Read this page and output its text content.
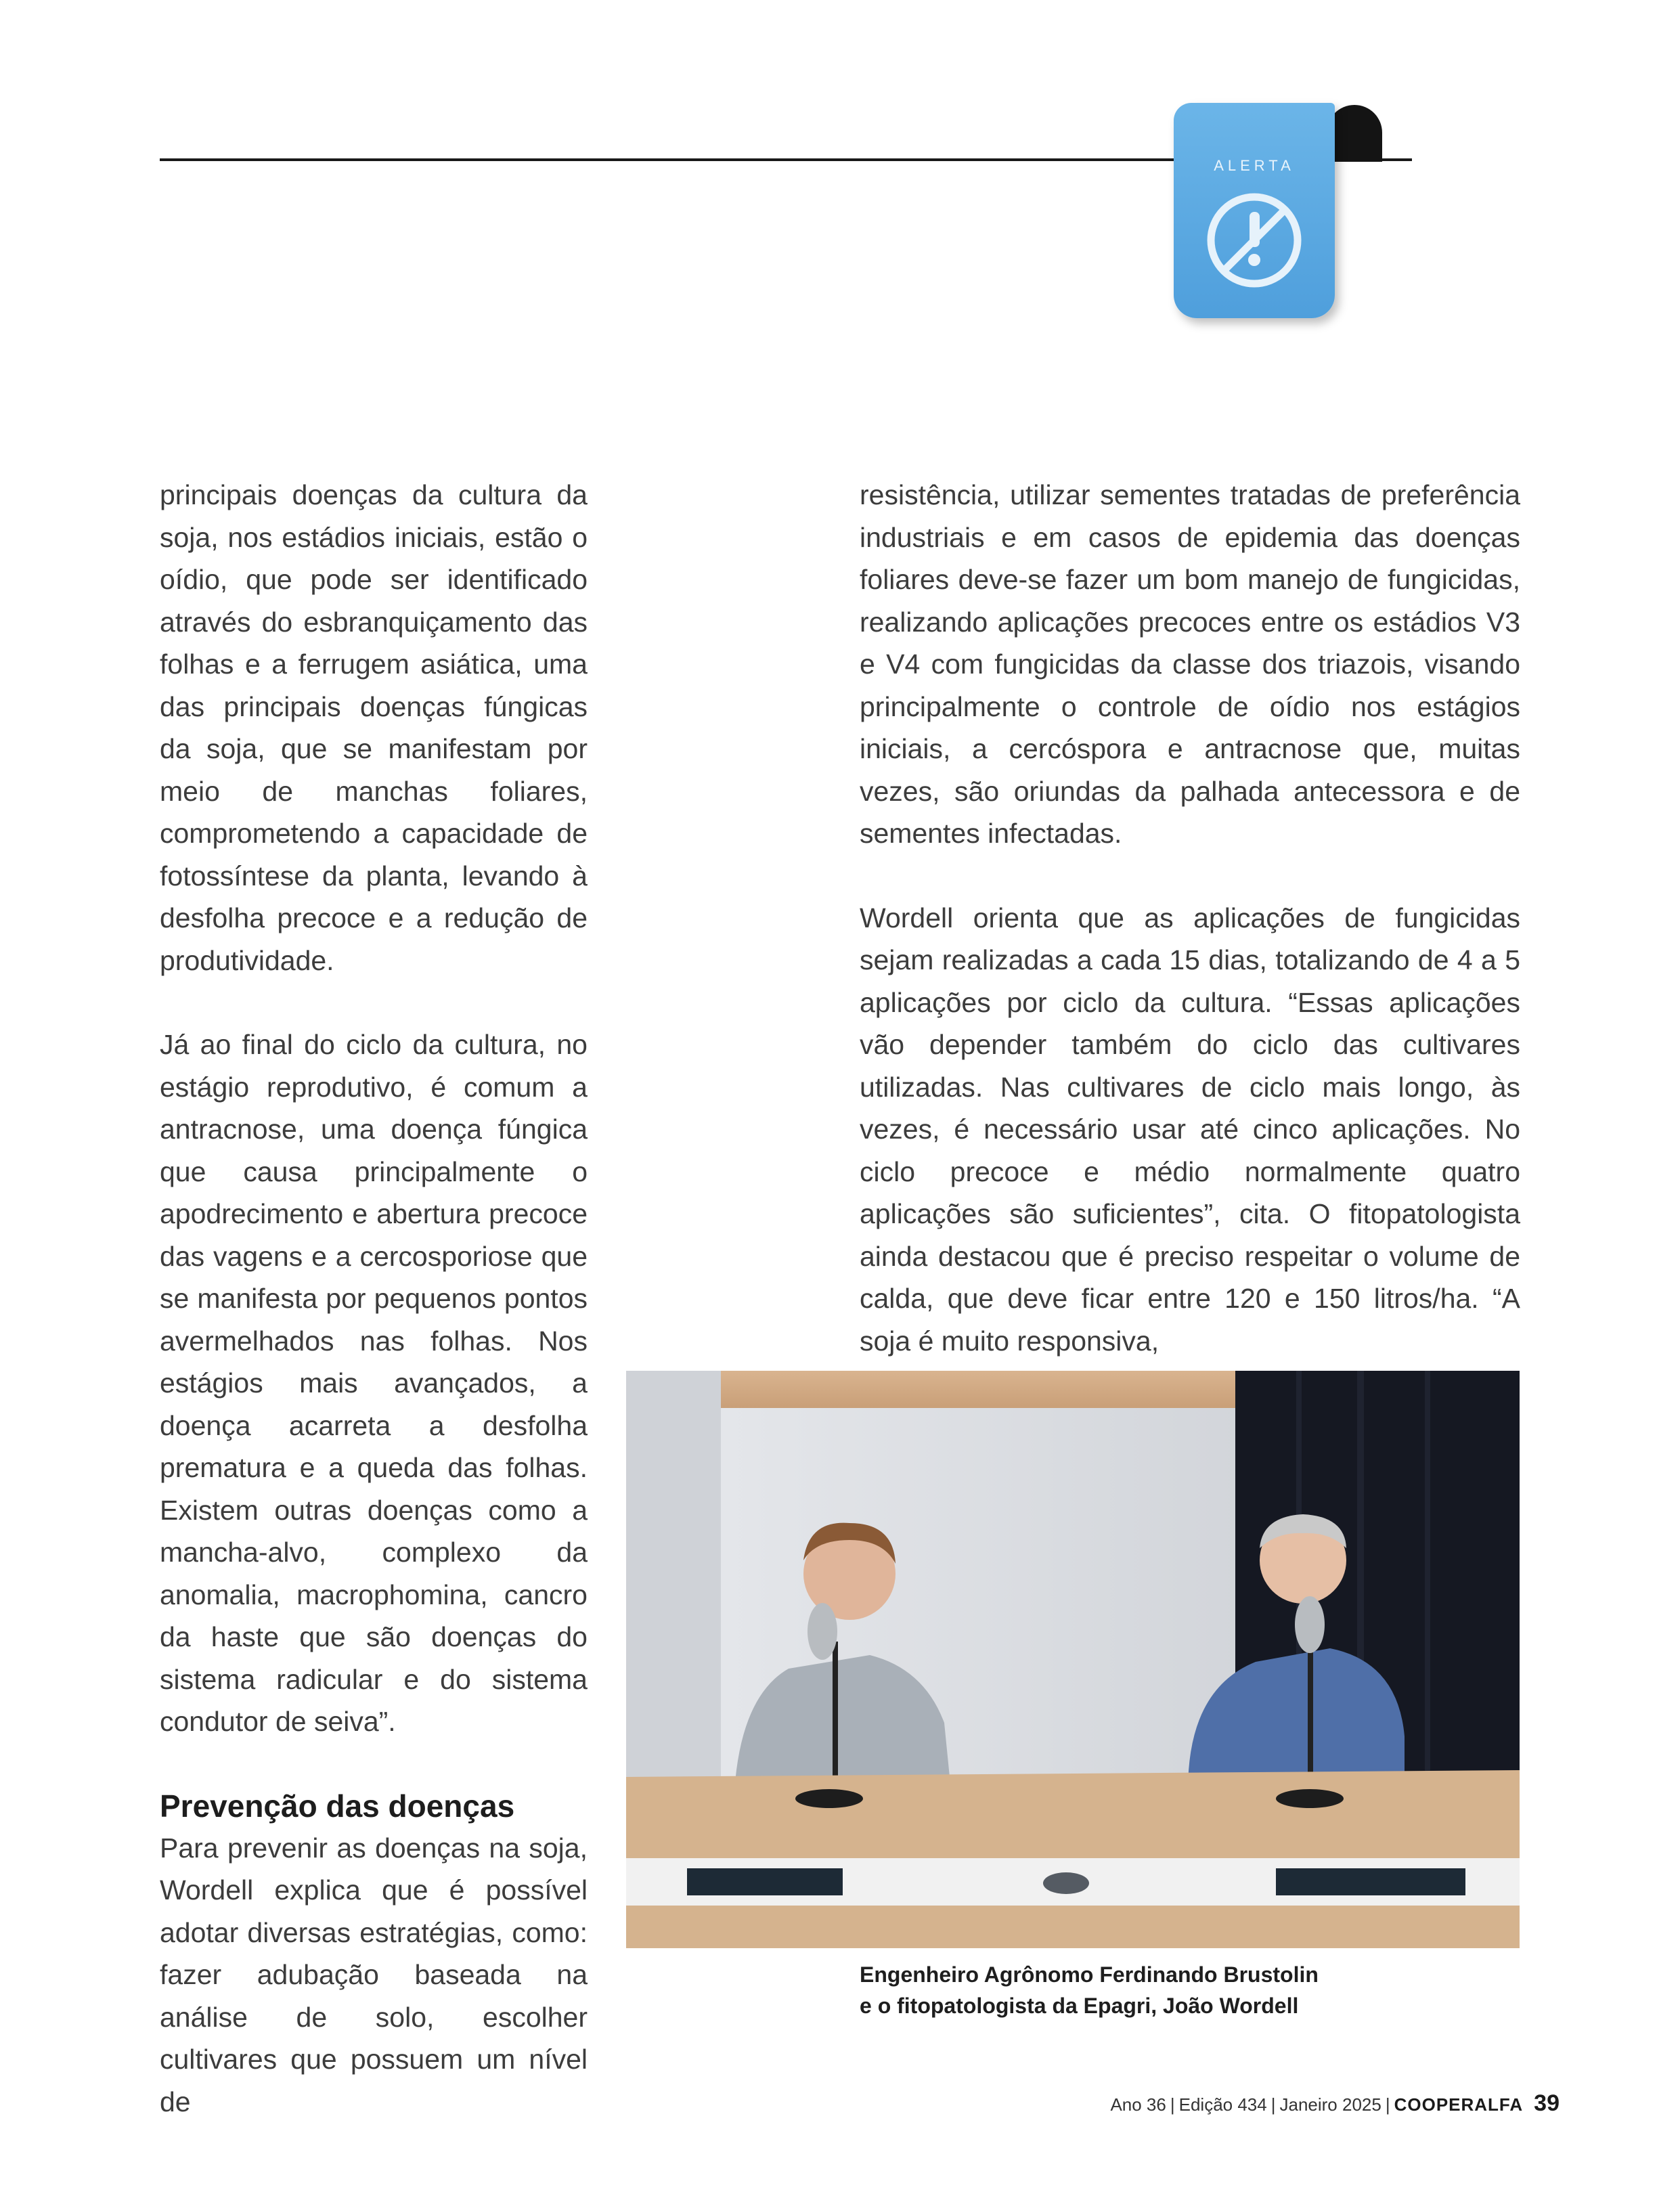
ALERTA

principais doenças da cultura da soja, nos estádios iniciais, estão o oídio, que pode ser identificado através do esbranquiçamento das folhas e a ferrugem asiática, uma das principais doenças fúngicas da soja, que se manifestam por meio de manchas foliares, comprometendo a capacidade de fotossíntese da planta, levando à desfolha precoce e a redução de produtividade.

Já ao final do ciclo da cultura, no estágio reprodutivo, é comum a antracnose, uma doença fúngica que causa principalmente o apodrecimento e abertura precoce das vagens e a cercosporiose que se manifesta por pequenos pontos avermelhados nas folhas. Nos estágios mais avançados, a doença acarreta a desfolha prematura e a queda das folhas. Existem outras doenças como a mancha-alvo, complexo da anomalia, macrophomina, cancro da haste que são doenças do sistema radicular e do sistema condutor de seiva”.

Prevenção das doenças

Para prevenir as doenças na soja, Wordell explica que é possível adotar diversas estratégias, como: fazer adubação baseada na análise de solo, escolher cultivares que possuem um nível de

resistência, utilizar sementes tratadas de preferência industriais e em casos de epidemia das doenças foliares deve-se fazer um bom manejo de fungicidas, realizando aplicações precoces entre os estádios V3 e V4 com fungicidas da classe dos triazois, visando principalmente o controle de oídio nos estágios iniciais, a cercóspora e antracnose que, muitas vezes, são oriundas da palhada antecessora e de sementes infectadas.

Wordell orienta que as aplicações de fungicidas sejam realizadas a cada 15 dias, totalizando de 4 a 5 aplicações por ciclo da cultura. “Essas aplicações vão depender também do ciclo das cultivares utilizadas. Nas cultivares de ciclo mais longo, às vezes, é necessário usar até cinco aplicações. No ciclo precoce e médio normalmente quatro aplicações são suficientes”, cita. O fitopatologista ainda destacou que é preciso respeitar o volume de calda, que deve ficar entre 120 e 150 litros/ha. “A soja é muito responsiva,

Engenheiro Agrônomo Ferdinando Brustolin
e o fitopatologista da Epagri, João Wordell
Ano 36 | Edição 434 | Janeiro 2025 | COOPERALFA 39
